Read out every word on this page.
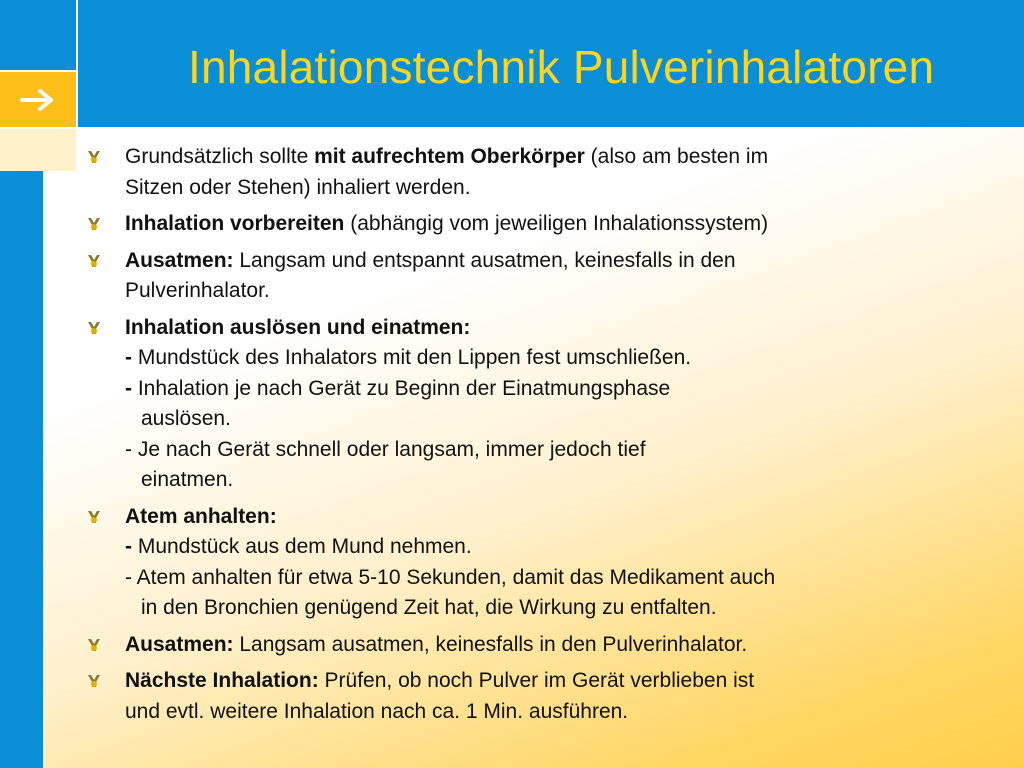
Inhalationstechnik Pulverinhalatoren
Grundsätzlich sollte mit aufrechtem Oberkörper (also am besten im
Sitzen oder Stehen) inhaliert werden.
Inhalation vorbereiten (abhängig vom jeweiligen Inhalationssystem)
Ausatmen: Langsam und entspannt ausatmen, keinesfalls in den
Pulverinhalator.
Inhalation auslösen und einatmen:
- Mundstück des Inhalators mit den Lippen fest umschließen.
- Inhalation je nach Gerät zu Beginn der Einatmungsphase
auslösen.
- Je nach Gerät schnell oder langsam, immer jedoch tief
einatmen.
Atem anhalten:
- Mundstück aus dem Mund nehmen.
- Atem anhalten für etwa 5-10 Sekunden, damit das Medikament auch
in den Bronchien genügend Zeit hat, die Wirkung zu entfalten.
Ausatmen: Langsam ausatmen, keinesfalls in den Pulverinhalator.
Nächste Inhalation: Prüfen, ob noch Pulver im Gerät verblieben ist
und evtl. weitere Inhalation nach ca. 1 Min. ausführen.
